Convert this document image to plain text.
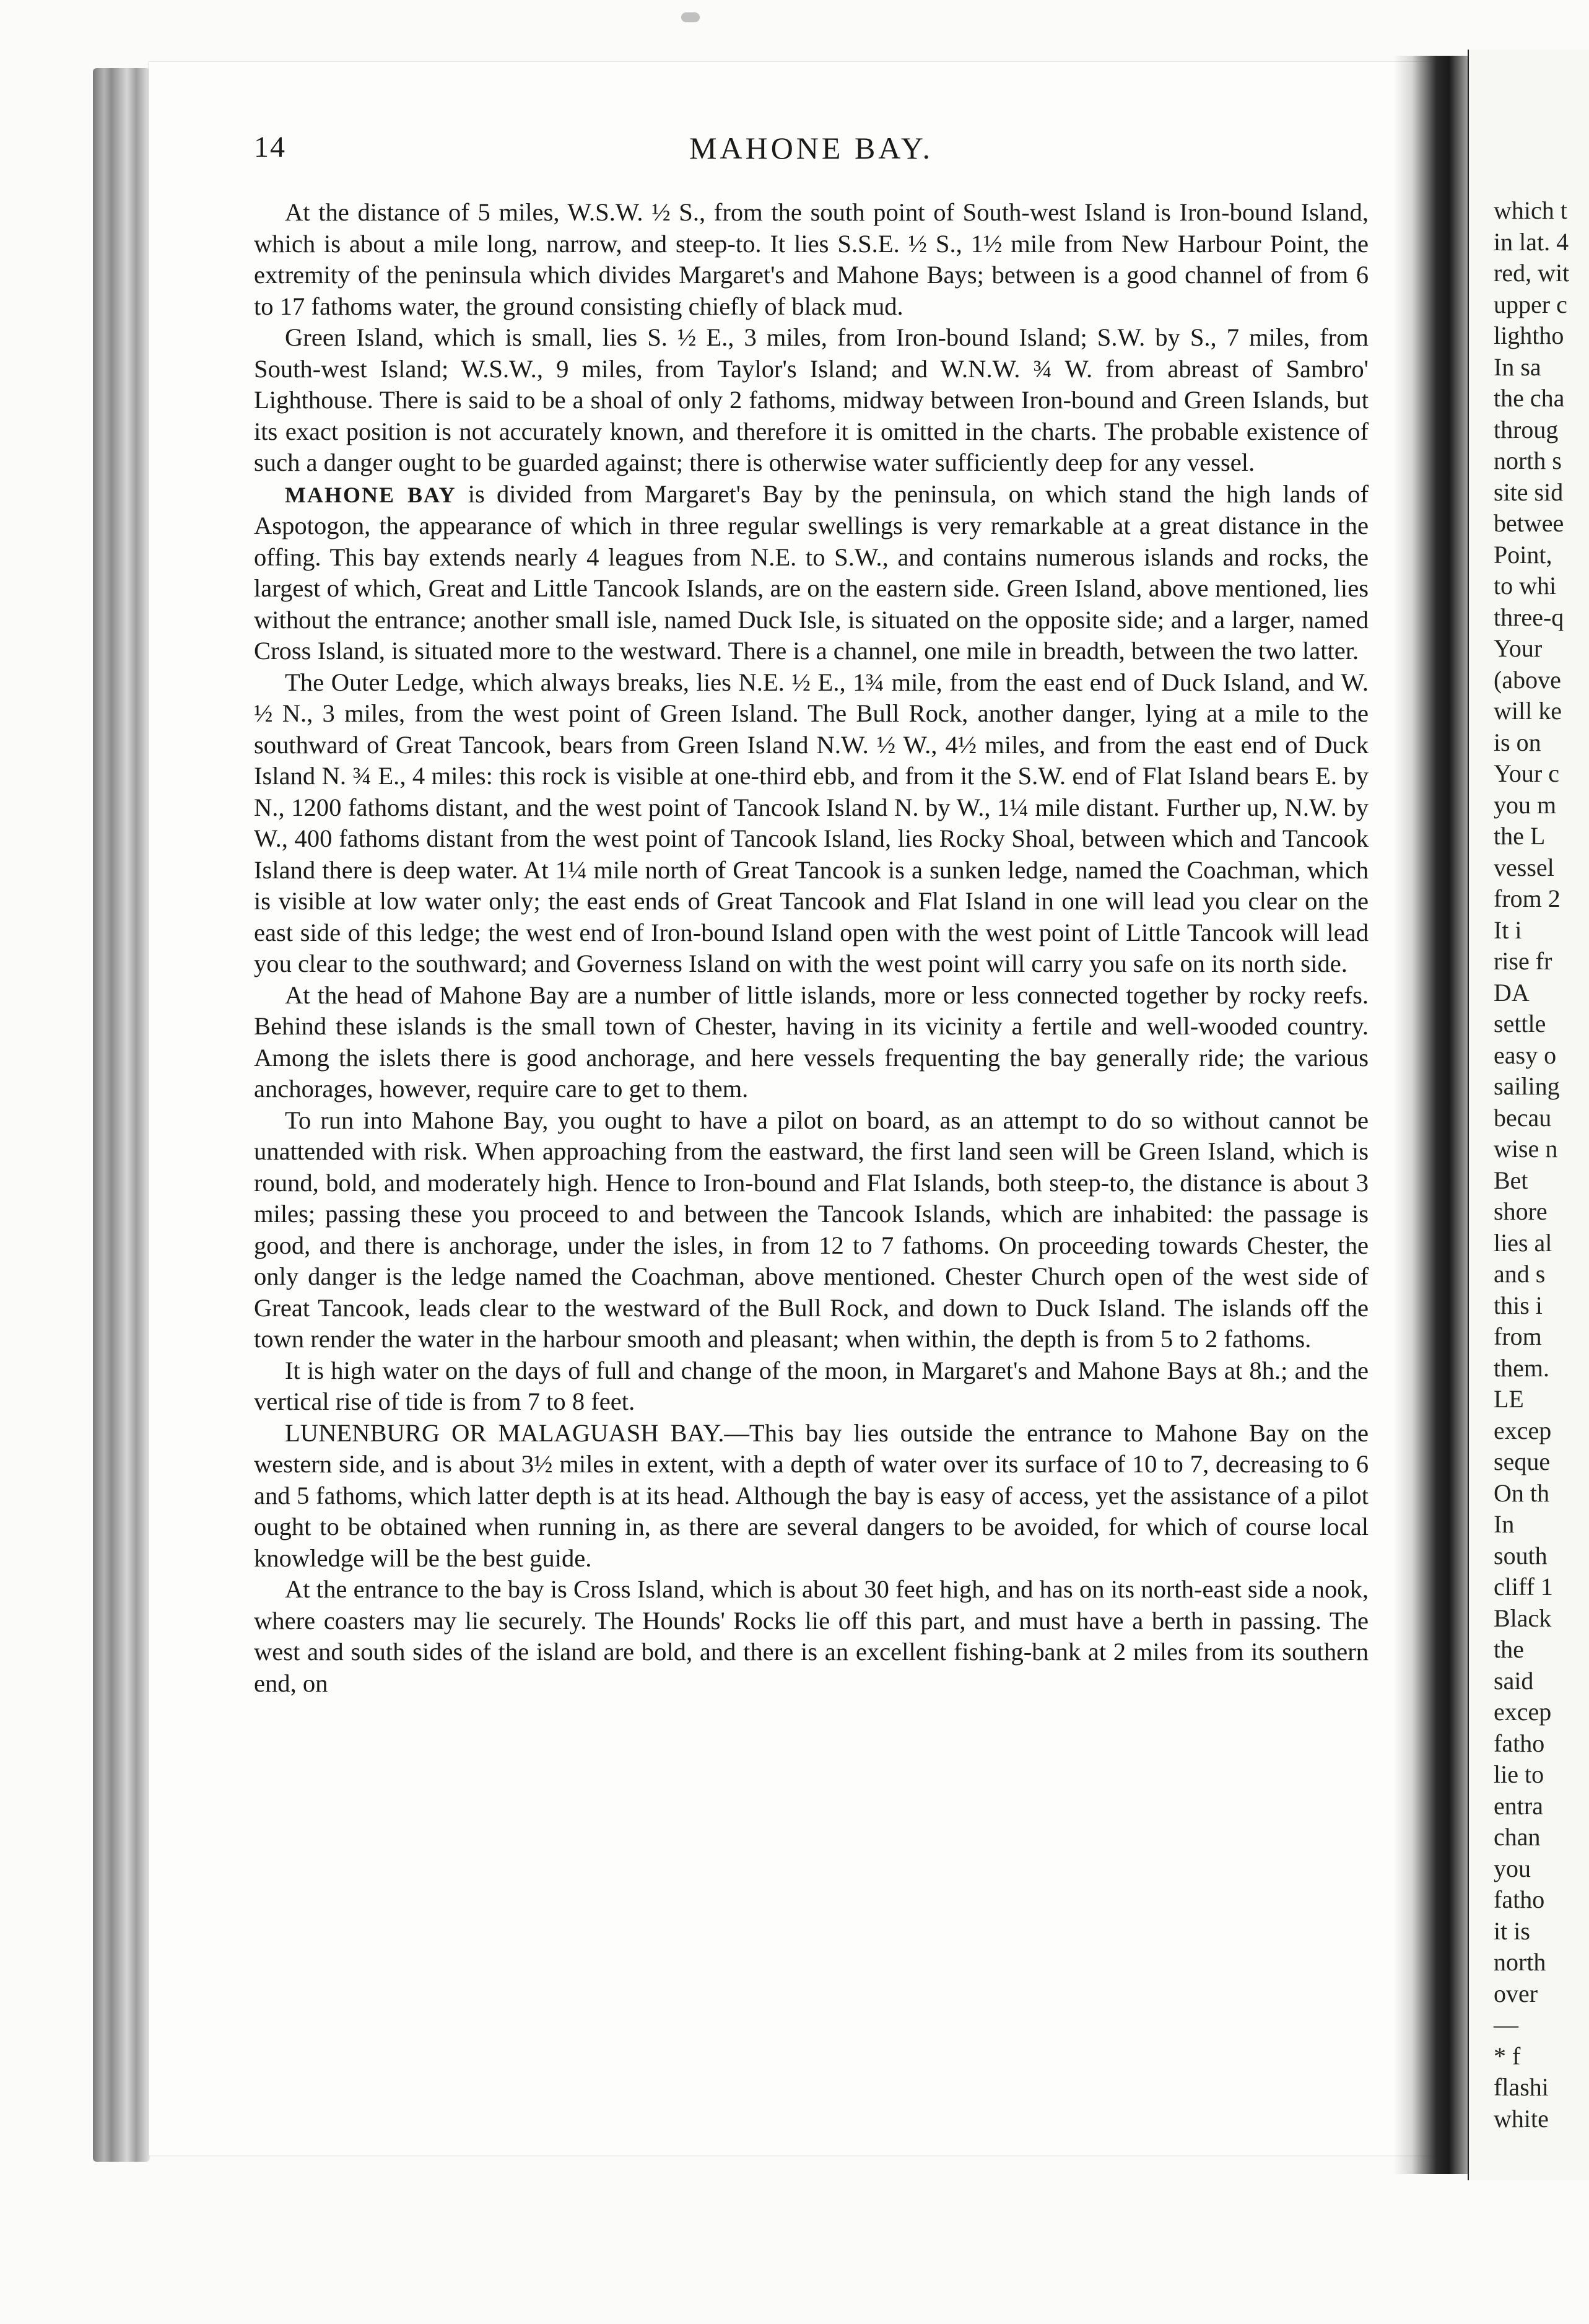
which t
in lat. 4
red, wit
upper c
lightho
In sa
the cha
throug
north s
site sid
betwee
Point,
to whi
three-q
Your
(above
will ke
is on
Your c
you m
the L
vessel
from 2
It i
rise fr
DA
settle
easy o
sailing
becau
wise n
Bet
shore
lies al
and s
this i
from
them.
LE
excep
seque
On th
In
south
cliff 1
Black
the
said
excep
fatho
lie to
entra
chan
you
fatho
it is
north
over
—
* f
flashi
white
14	MAHONE BAY.

At the distance of 5 miles, W.S.W. ½ S., from the south point of South-west Island is Iron-bound Island, which is about a mile long, narrow, and steep-to. It lies S.S.E. ½ S., 1½ mile from New Harbour Point, the extremity of the peninsula which divides Margaret's and Mahone Bays; between is a good channel of from 6 to 17 fathoms water, the ground consisting chiefly of black mud.

Green Island, which is small, lies S. ½ E., 3 miles, from Iron-bound Island; S.W. by S., 7 miles, from South-west Island; W.S.W., 9 miles, from Taylor's Island; and W.N.W. ¾ W. from abreast of Sambro' Lighthouse. There is said to be a shoal of only 2 fathoms, midway between Iron-bound and Green Islands, but its exact position is not accurately known, and therefore it is omitted in the charts. The probable existence of such a danger ought to be guarded against; there is otherwise water sufficiently deep for any vessel.

MAHONE BAY is divided from Margaret's Bay by the peninsula, on which stand the high lands of Aspotogon, the appearance of which in three regular swellings is very remarkable at a great distance in the offing. This bay extends nearly 4 leagues from N.E. to S.W., and contains numerous islands and rocks, the largest of which, Great and Little Tancook Islands, are on the eastern side. Green Island, above mentioned, lies without the entrance; another small isle, named Duck Isle, is situated on the opposite side; and a larger, named Cross Island, is situated more to the westward. There is a channel, one mile in breadth, between the two latter.

The Outer Ledge, which always breaks, lies N.E. ½ E., 1¾ mile, from the east end of Duck Island, and W. ½ N., 3 miles, from the west point of Green Island. The Bull Rock, another danger, lying at a mile to the southward of Great Tancook, bears from Green Island N.W. ½ W., 4½ miles, and from the east end of Duck Island N. ¾ E., 4 miles: this rock is visible at one-third ebb, and from it the S.W. end of Flat Island bears E. by N., 1200 fathoms distant, and the west point of Tancook Island N. by W., 1¼ mile distant. Further up, N.W. by W., 400 fathoms distant from the west point of Tancook Island, lies Rocky Shoal, between which and Tancook Island there is deep water. At 1¼ mile north of Great Tancook is a sunken ledge, named the Coachman, which is visible at low water only; the east ends of Great Tancook and Flat Island in one will lead you clear on the east side of this ledge; the west end of Iron-bound Island open with the west point of Little Tancook will lead you clear to the southward; and Governess Island on with the west point will carry you safe on its north side.

At the head of Mahone Bay are a number of little islands, more or less connected together by rocky reefs. Behind these islands is the small town of Chester, having in its vicinity a fertile and well-wooded country. Among the islets there is good anchorage, and here vessels frequenting the bay generally ride; the various anchorages, however, require care to get to them.

To run into Mahone Bay, you ought to have a pilot on board, as an attempt to do so without cannot be unattended with risk. When approaching from the eastward, the first land seen will be Green Island, which is round, bold, and moderately high. Hence to Iron-bound and Flat Islands, both steep-to, the distance is about 3 miles; passing these you proceed to and between the Tancook Islands, which are inhabited: the passage is good, and there is anchorage, under the isles, in from 12 to 7 fathoms. On proceeding towards Chester, the only danger is the ledge named the Coachman, above mentioned. Chester Church open of the west side of Great Tancook, leads clear to the westward of the Bull Rock, and down to Duck Island. The islands off the town render the water in the harbour smooth and pleasant; when within, the depth is from 5 to 2 fathoms.

It is high water on the days of full and change of the moon, in Margaret's and Mahone Bays at 8h.; and the vertical rise of tide is from 7 to 8 feet.

LUNENBURG OR MALAGUASH BAY.—This bay lies outside the entrance to Mahone Bay on the western side, and is about 3½ miles in extent, with a depth of water over its surface of 10 to 7, decreasing to 6 and 5 fathoms, which latter depth is at its head. Although the bay is easy of access, yet the assistance of a pilot ought to be obtained when running in, as there are several dangers to be avoided, for which of course local knowledge will be the best guide.

At the entrance to the bay is Cross Island, which is about 30 feet high, and has on its north-east side a nook, where coasters may lie securely. The Hounds' Rocks lie off this part, and must have a berth in passing. The west and south sides of the island are bold, and there is an excellent fishing-bank at 2 miles from its southern end, on
